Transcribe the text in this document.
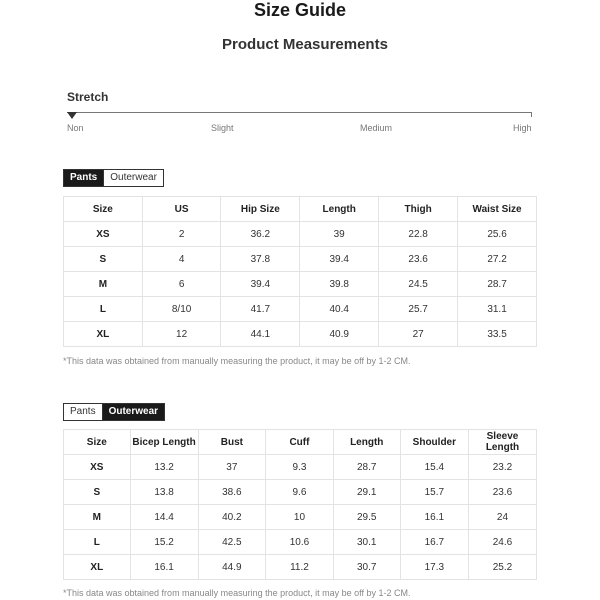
Size Guide
Product Measurements
Stretch
Non	Slight	Medium	High
Pants	Outerwear
Size	US	Hip Size	Length	Thigh	Waist Size
XS	2	36.2	39	22.8	25.6
S	4	37.8	39.4	23.6	27.2
M	6	39.4	39.8	24.5	28.7
L	8/10	41.7	40.4	25.7	31.1
XL	12	44.1	40.9	27	33.5
*This data was obtained from manually measuring the product, it may be off by 1-2 CM.
Pants	Outerwear
Size	Bicep Length	Bust	Cuff	Length	Shoulder	Sleeve Length
XS	13.2	37	9.3	28.7	15.4	23.2
S	13.8	38.6	9.6	29.1	15.7	23.6
M	14.4	40.2	10	29.5	16.1	24
L	15.2	42.5	10.6	30.1	16.7	24.6
XL	16.1	44.9	11.2	30.7	17.3	25.2
*This data was obtained from manually measuring the product, it may be off by 1-2 CM.
